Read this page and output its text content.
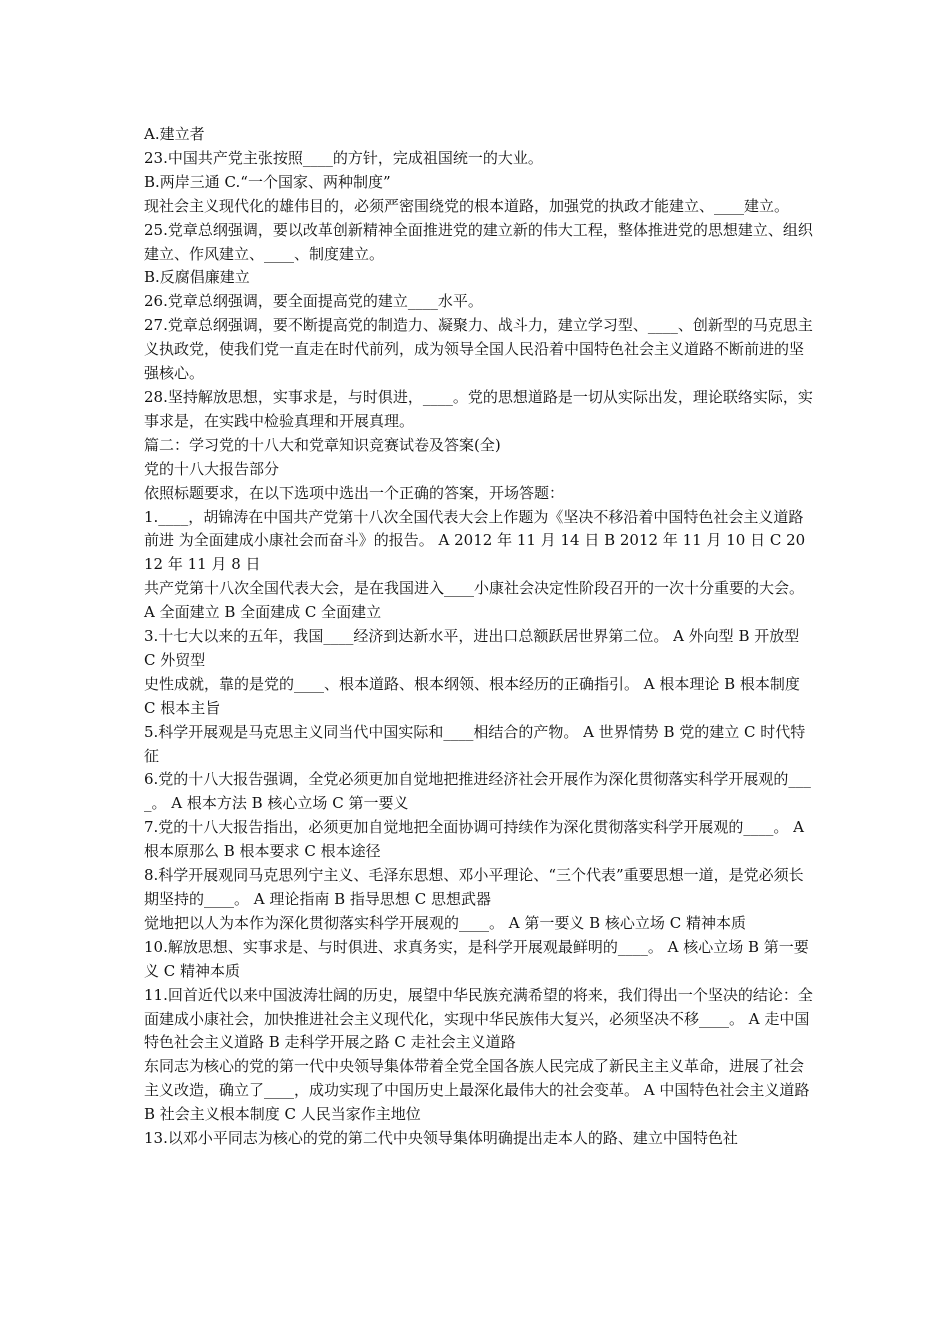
A.建立者

23.中国共产党主张按照____的方针，完成祖国统一的大业。

B.两岸三通 C.“一个国家、两种制度”

现社会主义现代化的雄伟目的，必须严密围绕党的根本道路，加强党的执政才能建立、____建立。

25.党章总纲强调，要以改革创新精神全面推进党的建立新的伟大工程，整体推进党的思想建立、组织建立、作风建立、____、制度建立。

B.反腐倡廉建立

26.党章总纲强调，要全面提高党的建立____水平。

27.党章总纲强调，要不断提高党的制造力、凝聚力、战斗力，建立学习型、____、创新型的马克思主义执政党，使我们党一直走在时代前列，成为领导全国人民沿着中国特色社会主义道路不断前进的坚强核心。

28.坚持解放思想，实事求是，与时俱进，____。党的思想道路是一切从实际出发，理论联络实际，实事求是，在实践中检验真理和开展真理。

篇二：学习党的十八大和党章知识竞赛试卷及答案(全)

党的十八大报告部分

依照标题要求，在以下选项中选出一个正确的答案，开场答题：

1.____，胡锦涛在中国共产党第十八次全国代表大会上作题为《坚决不移沿着中国特色社会主义道路前进 为全面建成小康社会而奋斗》的报告。 A 2012 年 11 月 14 日 B 2012 年 11 月 10 日 C 2012 年 11 月 8 日

共产党第十八次全国代表大会，是在我国进入____小康社会决定性阶段召开的一次十分重要的大会。 A 全面建立 B 全面建成 C 全面建立

3.十七大以来的五年，我国____经济到达新水平，进出口总额跃居世界第二位。 A 外向型 B 开放型 C 外贸型

史性成就，靠的是党的____、根本道路、根本纲领、根本经历的正确指引。 A 根本理论 B 根本制度 C 根本主旨

5.科学开展观是马克思主义同当代中国实际和____相结合的产物。 A 世界情势 B 党的建立 C 时代特征

6.党的十八大报告强调，全党必须更加自觉地把推进经济社会开展作为深化贯彻落实科学开展观的____。 A 根本方法 B 核心立场 C 第一要义

7.党的十八大报告指出，必须更加自觉地把全面协调可持续作为深化贯彻落实科学开展观的____。 A 根本原那么 B 根本要求 C 根本途径

8.科学开展观同马克思列宁主义、毛泽东思想、邓小平理论、“三个代表”重要思想一道，是党必须长期坚持的____。 A 理论指南 B 指导思想 C 思想武器

觉地把以人为本作为深化贯彻落实科学开展观的____。 A 第一要义 B 核心立场 C 精神本质

10.解放思想、实事求是、与时俱进、求真务实，是科学开展观最鲜明的____。 A 核心立场 B 第一要义 C 精神本质

11.回首近代以来中国波涛壮阔的历史，展望中华民族充满希望的将来，我们得出一个坚决的结论：全面建成小康社会，加快推进社会主义现代化，实现中华民族伟大复兴，必须坚决不移____。 A 走中国特色社会主义道路 B 走科学开展之路 C 走社会主义道路

东同志为核心的党的第一代中央领导集体带着全党全国各族人民完成了新民主主义革命，进展了社会主义改造，确立了____，成功实现了中国历史上最深化最伟大的社会变革。 A 中国特色社会主义道路 B 社会主义根本制度 C 人民当家作主地位

13.以邓小平同志为核心的党的第二代中央领导集体明确提出走本人的路、建立中国特色社
